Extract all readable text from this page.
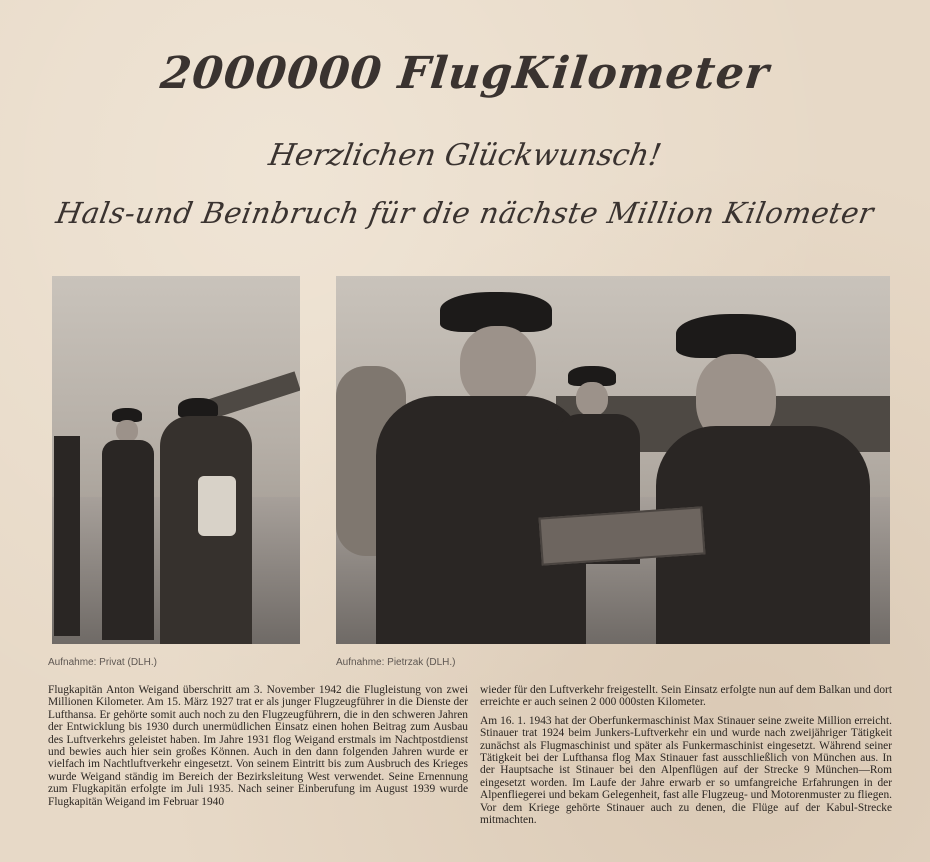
2000000 FlugKilometer
Herzlichen Glückwunsch!
Hals-und Beinbruch für die nächste Million Kilometer
Aufnahme: Privat (DLH.)	Aufnahme: Pietrzak (DLH.)

Flugkapitän Anton Weigand überschritt am 3. November 1942 die Flugleistung von zwei Millionen Kilometer. Am 15. März 1927 trat er als junger Flugzeugführer in die Dienste der Lufthansa. Er gehörte somit auch noch zu den Flugzeugführern, die in den schweren Jahren der Entwicklung bis 1930 durch unermüdlichen Einsatz einen hohen Beitrag zum Ausbau des Luftverkehrs geleistet haben. Im Jahre 1931 flog Weigand erstmals im Nachtpostdienst und bewies auch hier sein großes Können. Auch in den dann folgenden Jahren wurde er vielfach im Nachtluftverkehr eingesetzt. Von seinem Eintritt bis zum Ausbruch des Krieges wurde Weigand ständig im Bereich der Bezirksleitung West verwendet. Seine Ernennung zum Flugkapitän erfolgte im Juli 1935. Nach seiner Einberufung im August 1939 wurde Flugkapitän Weigand im Februar 1940

wieder für den Luftverkehr freigestellt. Sein Einsatz erfolgte nun auf dem Balkan und dort erreichte er auch seinen 2 000 000sten Kilometer.

Am 16. 1. 1943 hat der Oberfunkermaschinist Max Stinauer seine zweite Million erreicht. Stinauer trat 1924 beim Junkers-Luftverkehr ein und wurde nach zweijähriger Tätigkeit zunächst als Flugmaschinist und später als Funkermaschinist eingesetzt. Während seiner Tätigkeit bei der Lufthansa flog Max Stinauer fast ausschließlich von München aus. In der Hauptsache ist Stinauer bei den Alpenflügen auf der Strecke 9 München—Rom eingesetzt worden. Im Laufe der Jahre erwarb er so umfangreiche Erfahrungen in der Alpenfliegerei und bekam Gelegenheit, fast alle Flugzeug- und Motorenmuster zu fliegen. Vor dem Kriege gehörte Stinauer auch zu denen, die Flüge auf der Kabul-Strecke mitmachten.
